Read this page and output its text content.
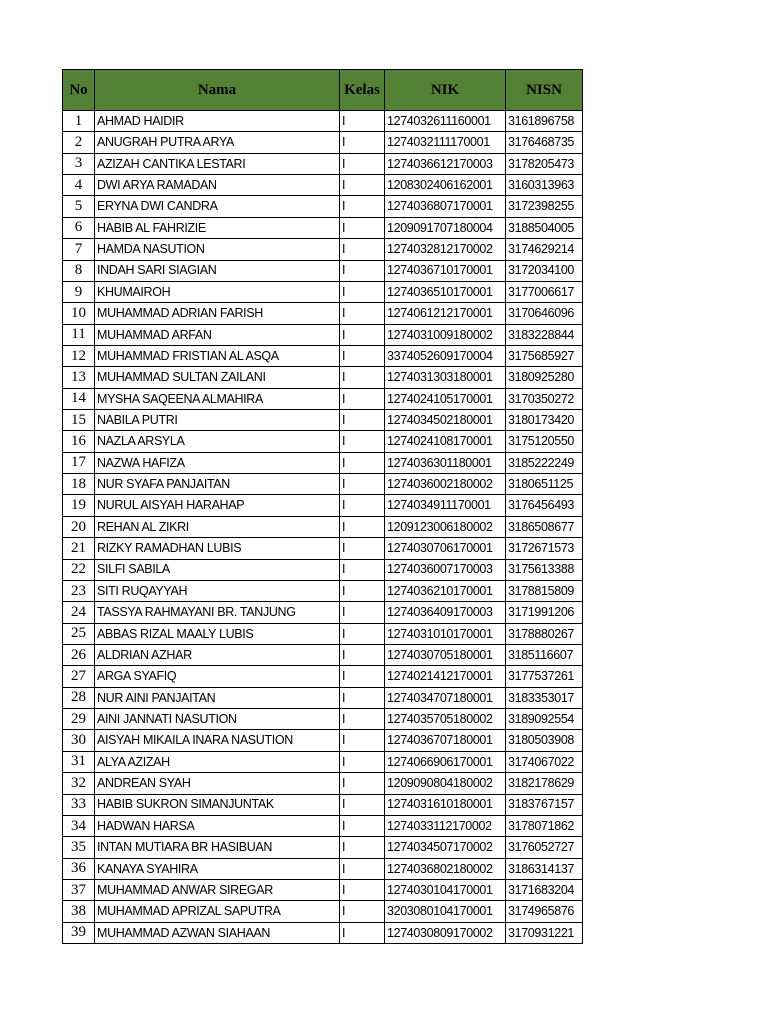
No	Nama	Kelas	NIK	NISN
1	AHMAD HAIDIR	I	1274032611160001	3161896758
2	ANUGRAH PUTRA ARYA	I	1274032111170001	3176468735
3	AZIZAH CANTIKA LESTARI	I	1274036612170003	3178205473
4	DWI ARYA RAMADAN	I	1208302406162001	3160313963
5	ERYNA DWI CANDRA	I	1274036807170001	3172398255
6	HABIB AL FAHRIZIE	I	1209091707180004	3188504005
7	HAMDA NASUTION	I	1274032812170002	3174629214
8	INDAH SARI SIAGIAN	I	1274036710170001	3172034100
9	KHUMAIROH	I	1274036510170001	3177006617
10	MUHAMMAD ADRIAN FARISH	I	1274061212170001	3170646096
11	MUHAMMAD ARFAN	I	1274031009180002	3183228844
12	MUHAMMAD FRISTIAN AL ASQA	I	3374052609170004	3175685927
13	MUHAMMAD SULTAN ZAILANI	I	1274031303180001	3180925280
14	MYSHA SAQEENA ALMAHIRA	I	1274024105170001	3170350272
15	NABILA PUTRI	I	1274034502180001	3180173420
16	NAZLA ARSYLA	I	1274024108170001	3175120550
17	NAZWA HAFIZA	I	1274036301180001	3185222249
18	NUR SYAFA PANJAITAN	I	1274036002180002	3180651125
19	NURUL AISYAH HARAHAP	I	1274034911170001	3176456493
20	REHAN AL ZIKRI	I	1209123006180002	3186508677
21	RIZKY RAMADHAN LUBIS	I	1274030706170001	3172671573
22	SILFI SABILA	I	1274036007170003	3175613388
23	SITI RUQAYYAH	I	1274036210170001	3178815809
24	TASSYA RAHMAYANI BR. TANJUNG	I	1274036409170003	3171991206
25	ABBAS RIZAL MAALY LUBIS	I	1274031010170001	3178880267
26	ALDRIAN AZHAR	I	1274030705180001	3185116607
27	ARGA SYAFIQ	I	1274021412170001	3177537261
28	NUR AINI PANJAITAN	I	1274034707180001	3183353017
29	AINI JANNATI NASUTION	I	1274035705180002	3189092554
30	AISYAH MIKAILA INARA NASUTION	I	1274036707180001	3180503908
31	ALYA AZIZAH	I	1274066906170001	3174067022
32	ANDREAN SYAH	I	1209090804180002	3182178629
33	HABIB SUKRON SIMANJUNTAK	I	1274031610180001	3183767157
34	HADWAN HARSA	I	1274033112170002	3178071862
35	INTAN MUTIARA BR HASIBUAN	I	1274034507170002	3176052727
36	KANAYA SYAHIRA	I	1274036802180002	3186314137
37	MUHAMMAD ANWAR SIREGAR	I	1274030104170001	3171683204
38	MUHAMMAD APRIZAL SAPUTRA	I	3203080104170001	3174965876
39	MUHAMMAD AZWAN SIAHAAN	I	1274030809170002	3170931221
